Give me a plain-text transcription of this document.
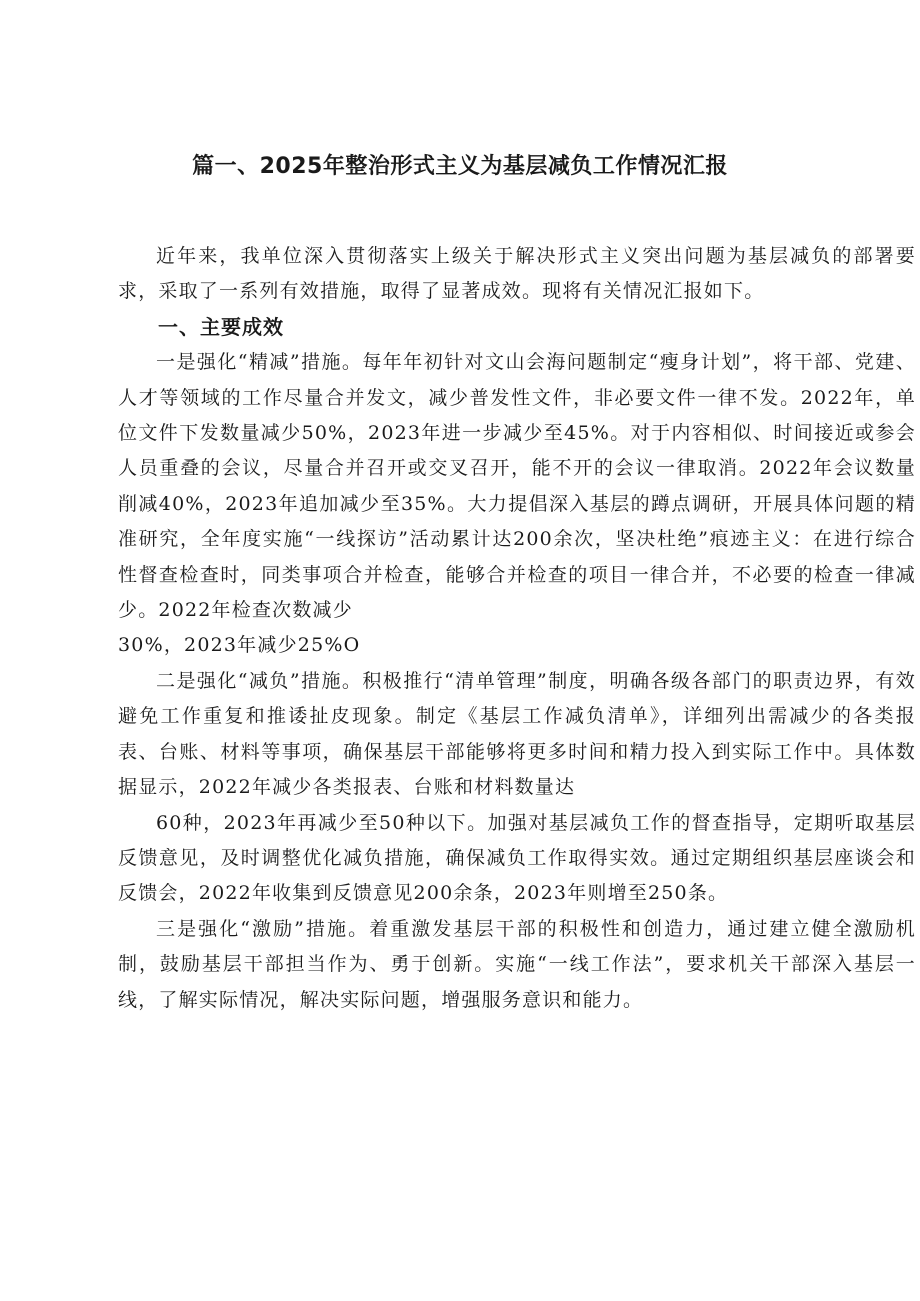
篇一、2025年整治形式主义为基层减负工作情况汇报

近年来，我单位深入贯彻落实上级关于解决形式主义突出问题为基层减负的部署要求，采取了一系列有效措施，取得了显著成效。现将有关情况汇报如下。

一、主要成效

一是强化“精减”措施。每年年初针对文山会海问题制定“瘦身计划”，将干部、党建、人才等领域的工作尽量合并发文，减少普发性文件，非必要文件一律不发。2022年，单位文件下发数量减少50%，2023年进一步减少至45%。对于内容相似、时间接近或参会人员重叠的会议，尽量合并召开或交叉召开，能不开的会议一律取消。2022年会议数量削减40%，2023年追加减少至35%。大力提倡深入基层的蹲点调研，开展具体问题的精准研究，全年度实施“一线探访”活动累计达200余次，坚决杜绝”痕迹主义：在进行综合性督查检查时，同类事项合并检查，能够合并检查的项目一律合并，不必要的检查一律减少。2022年检查次数减少

30%，2023年减少25%O

二是强化“减负”措施。积极推行“清单管理”制度，明确各级各部门的职责边界，有效避免工作重复和推诿扯皮现象。制定《基层工作减负清单》，详细列出需减少的各类报表、台账、材料等事项，确保基层干部能够将更多时间和精力投入到实际工作中。具体数据显示，2022年减少各类报表、台账和材料数量达

60种，2023年再减少至50种以下。加强对基层减负工作的督查指导，定期听取基层反馈意见，及时调整优化减负措施，确保减负工作取得实效。通过定期组织基层座谈会和反馈会，2022年收集到反馈意见200余条，2023年则增至250条。

三是强化“激励”措施。着重激发基层干部的积极性和创造力，通过建立健全激励机制，鼓励基层干部担当作为、勇于创新。实施“一线工作法”，要求机关干部深入基层一线，了解实际情况，解决实际问题，增强服务意识和能力。
